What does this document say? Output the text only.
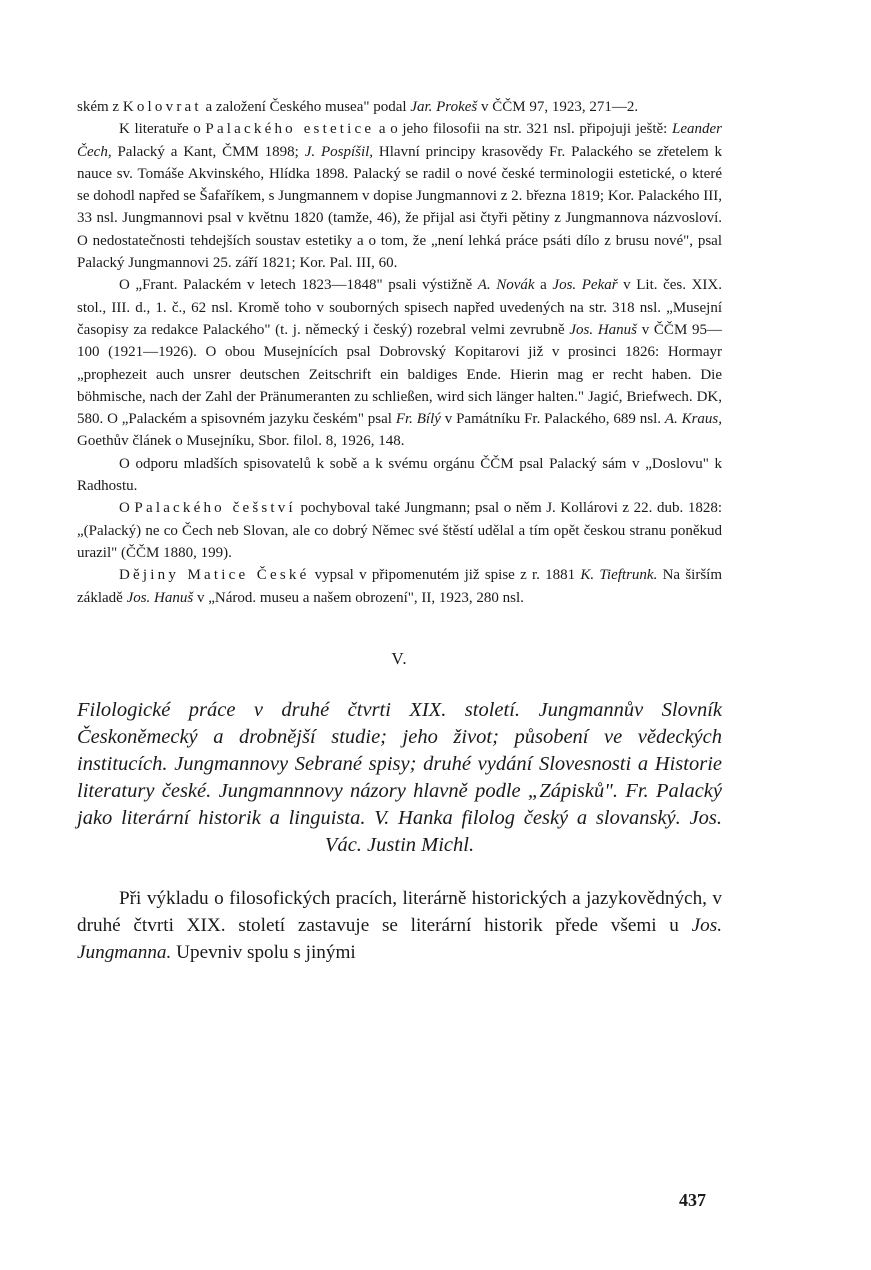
ském z Kolovrat a založení Českého musea" podal Jar. Prokeš v ČČM 97, 1923, 271—2.

K literatuře o Palackého estetice a o jeho filosofii na str. 321 nsl. připojuji ještě: Leander Čech, Palacký a Kant, ČMM 1898; J. Pospíšil, Hlavní principy krasovědy Fr. Palackého se zřetelem k nauce sv. Tomáše Akvinského, Hlídka 1898. Palacký se radil o nové české terminologii estetické, o které se dohodl napřed se Šafaříkem, s Jungmannem v dopise Jungmannovi z 2. března 1819; Kor. Palackého III, 33 nsl. Jungmannovi psal v květnu 1820 (tamže, 46), že přijal asi čtyři pětiny z Jungmannova názvosloví. O nedostatečnosti tehdejších soustav estetiky a o tom, že „není lehká práce psáti dílo z brusu nové", psal Palacký Jungmannovi 25. září 1821; Kor. Pal. III, 60.

O „Frant. Palackém v letech 1823—1848" psali výstižně A. Novák a Jos. Pekař v Lit. čes. XIX. stol., III. d., 1. č., 62 nsl. Kromě toho v souborných spisech napřed uvedených na str. 318 nsl. „Musejní časopisy za redakce Palackého" (t. j. německý i český) rozebral velmi zevrubně Jos. Hanuš v ČČM 95—100 (1921—1926). O obou Musejnících psal Dobrovský Kopitarovi již v prosinci 1826: Hormayr „prophezeit auch unsrer deutschen Zeitschrift ein baldiges Ende. Hierin mag er recht haben. Die böhmische, nach der Zahl der Pränumeranten zu schließen, wird sich länger halten." Jagić, Briefwech. DK, 580. O „Palackém a spisovném jazyku českém" psal Fr. Bílý v Památníku Fr. Palackého, 689 nsl. A. Kraus, Goethův článek o Musejníku, Sbor. filol. 8, 1926, 148.

O odporu mladších spisovatelů k sobě a k svému orgánu ČČM psal Palacký sám v „Doslovu" k Radhostu.

O Palackého češství pochyboval také Jungmann; psal o něm J. Kollárovi z 22. dub. 1828: „(Palacký) ne co Čech neb Slovan, ale co dobrý Němec své štěstí udělal a tím opět českou stranu poněkud urazil" (ČČM 1880, 199).

Dějiny Matice České vypsal v připomenutém již spise z r. 1881 K. Tieftrunk. Na širším základě Jos. Hanuš v „Národ. museu a našem obrození", II, 1923, 280 nsl.

V.
Filologické práce v druhé čtvrti XIX. století. Jungmannův Slovník Českoněmecký a drobnější studie; jeho život; působení ve vědeckých institucích. Jungmannovy Sebrané spisy; druhé vydání Slovesnosti a Historie literatury české. Jungmannnovy názory hlavně podle „Zápisků". Fr. Palacký jako literární historik a linguista. V. Hanka filolog český a slovanský. Jos. Vác. Justin Michl.

Při výkladu o filosofických pracích, literárně historických a jazykovědných, v druhé čtvrti XIX. století zastavuje se literární historik přede všemi u Jos. Jungmanna. Upevniv spolu s jinými

437
